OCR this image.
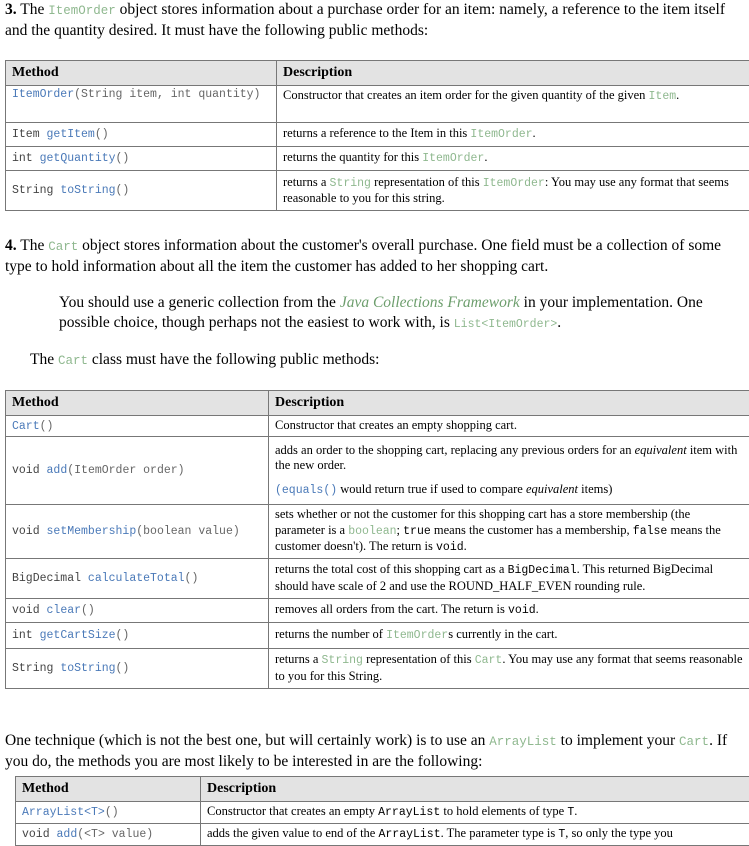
3. The ItemOrder object stores information about a purchase order for an item: namely, a reference to the item itself and the quantity desired. It must have the following public methods:
Method	Description
ItemOrder(String item, int quantity)	Constructor that creates an item order for the given quantity of the given Item.
Item getItem()	returns a reference to the Item in this ItemOrder.
int getQuantity()	returns the quantity for this ItemOrder.
String toString()	returns a String representation of this ItemOrder: You may use any format that seems reasonable to you for this string.
4. The Cart object stores information about the customer's overall purchase. One field must be a collection of some type to hold information about all the item the customer has added to her shopping cart.
You should use a generic collection from the Java Collections Framework in your implementation. One possible choice, though perhaps not the easiest to work with, is List<ItemOrder>.
The Cart class must have the following public methods:
Method	Description
Cart()	Constructor that creates an empty shopping cart.
void add(ItemOrder order)	adds an order to the shopping cart, replacing any previous orders for an equivalent item with the new order.
(equals() would return true if used to compare equivalent items)

void setMembership(boolean value)	sets whether or not the customer for this shopping cart has a store membership (the parameter is a boolean; true means the customer has a membership, false means the customer doesn't). The return is void.
BigDecimal calculateTotal()	returns the total cost of this shopping cart as a BigDecimal. This returned BigDecimal should have scale of 2 and use the ROUND_HALF_EVEN rounding rule.
void clear()	removes all orders from the cart. The return is void.
int getCartSize()	returns the number of ItemOrders currently in the cart.
String toString()	returns a String representation of this Cart. You may use any format that seems reasonable to you for this String.
One technique (which is not the best one, but will certainly work) is to use an ArrayList to implement your Cart. If you do, the methods you are most likely to be interested in are the following:
Method	Description
ArrayList<T>()	Constructor that creates an empty ArrayList to hold elements of type T.
void add(<T> value)	adds the given value to end of the ArrayList. The parameter type is T, so only the type you
